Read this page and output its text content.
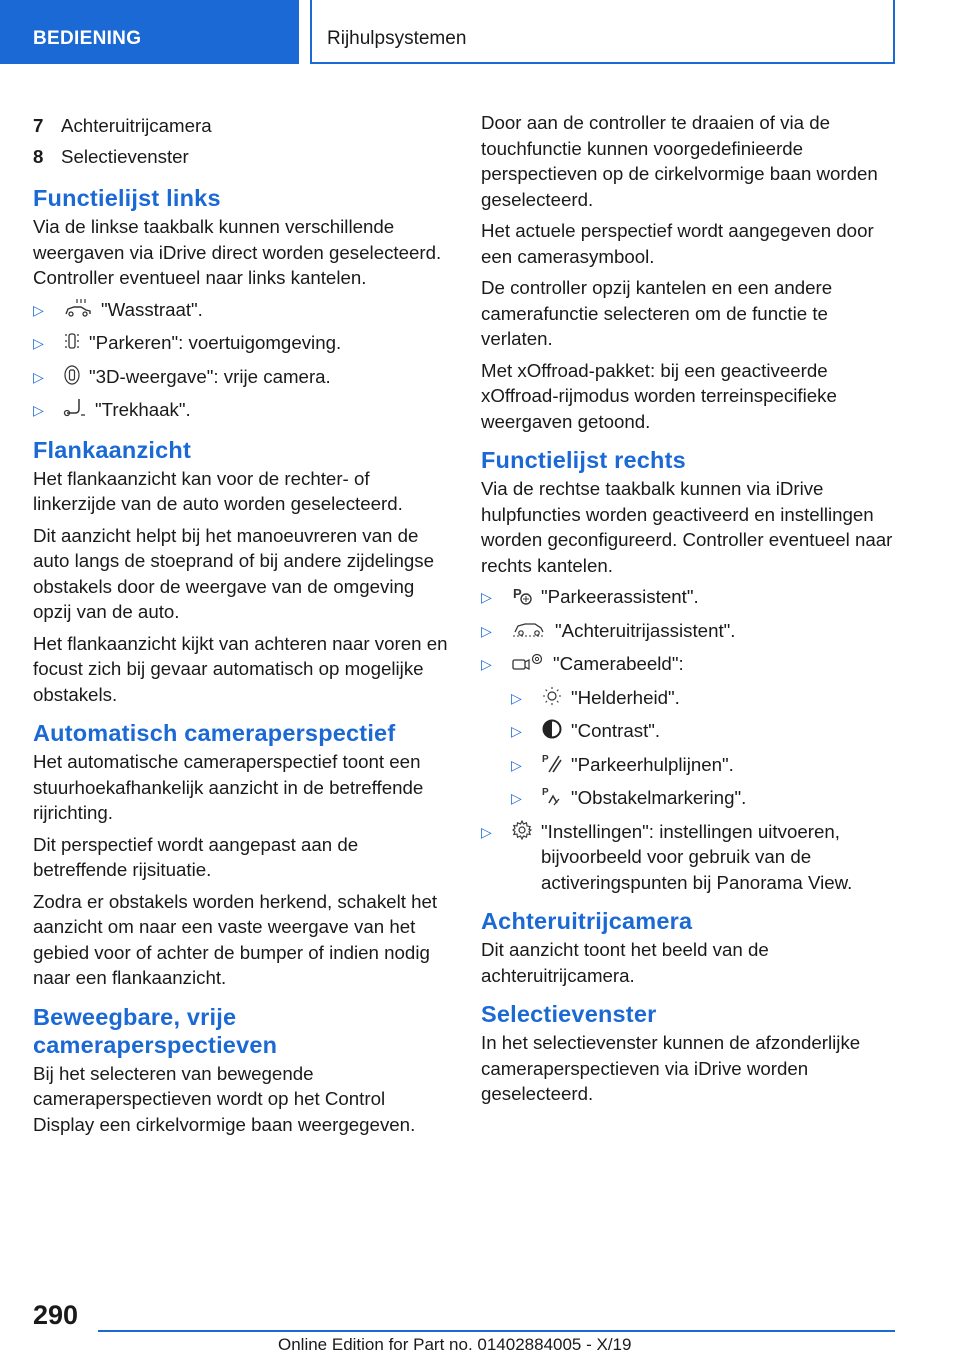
BEDIENING	Rijhulpsystemen
7 Achteruitrijcamera
8 Selectievenster
Functielijst links

Via de linkse taakbalk kunnen verschillende weergaven via iDrive direct worden geselecteerd. Controller eventueel naar links kantelen.

▷	"Wasstraat".
▷	"Parkeren": voertuigomgeving.
▷	"3D-weergave": vrije camera.
▷	"Trekhaak".
Flankaanzicht

Het flankaanzicht kan voor de rechter- of linkerzijde van de auto worden geselecteerd.

Dit aanzicht helpt bij het manoeuvreren van de auto langs de stoeprand of bij andere zijdelingse obstakels door de weergave van de omgeving opzij van de auto.

Het flankaanzicht kijkt van achteren naar voren en focust zich bij gevaar automatisch op mogelijke obstakels.

Automatisch cameraperspectief

Het automatische cameraperspectief toont een stuurhoekafhankelijk aanzicht in de betreffende rijrichting.

Dit perspectief wordt aangepast aan de betreffende rijsituatie.

Zodra er obstakels worden herkend, schakelt het aanzicht om naar een vaste weergave van het gebied voor of achter de bumper of indien nodig naar een flankaanzicht.

Beweegbare, vrije cameraperspectieven

Bij het selecteren van bewegende cameraperspectieven wordt op het Control Display een cirkelvormige baan weergegeven.

Door aan de controller te draaien of via de touchfunctie kunnen voorgedefinieerde perspectieven op de cirkelvormige baan worden geselecteerd.

Het actuele perspectief wordt aangegeven door een camerasymbool.

De controller opzij kantelen en een andere camerafunctie selecteren om de functie te verlaten.

Met xOffroad-pakket: bij een geactiveerde xOffroad-rijmodus worden terreinspecifieke weergaven getoond.

Functielijst rechts

Via de rechtse taakbalk kunnen via iDrive hulpfuncties worden geactiveerd en instellingen worden geconfigureerd. Controller eventueel naar rechts kantelen.

▷	P "Parkeerassistent".
▷	"Achteruitrijassistent".
▷	"Camerabeeld":
▷	"Helderheid".
▷	"Contrast".
▷	P "Parkeerhulplijnen".
▷	P "Obstakelmarkering".
▷	"Instellingen": instellingen uitvoeren, bijvoorbeeld voor gebruik van de activeringspunten bij Panorama View.
Achteruitrijcamera

Dit aanzicht toont het beeld van de achteruitrijcamera.

Selectievenster

In het selectievenster kunnen de afzonderlijke cameraperspectieven via iDrive worden geselecteerd.

290
Online Edition for Part no. 01402884005 - X/19
